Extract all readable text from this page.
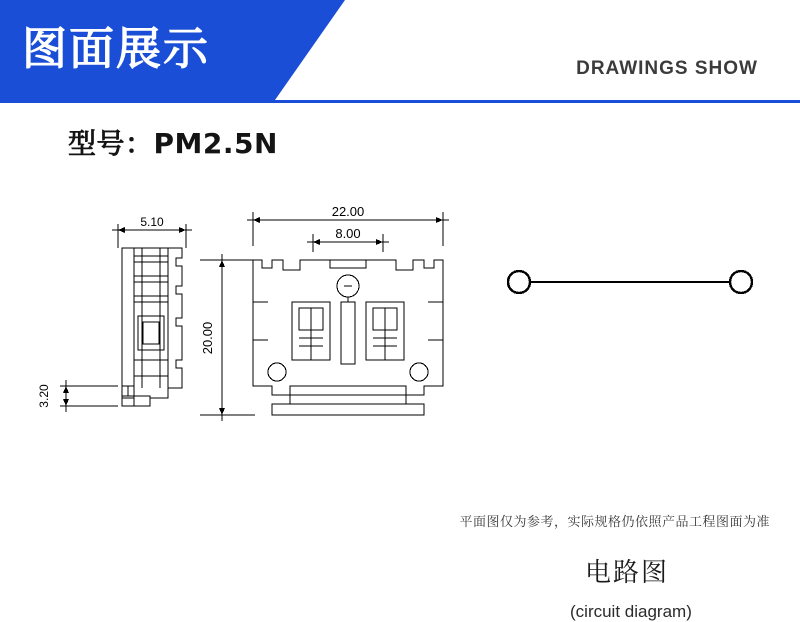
图面展示	DRAWINGS SHOW
型号：PM2.5N
5.10
3.20
22.00
8.00
20.00
电路图
(circuit diagram)
平面图仅为参考，实际规格仍依照产品工程图面为准
